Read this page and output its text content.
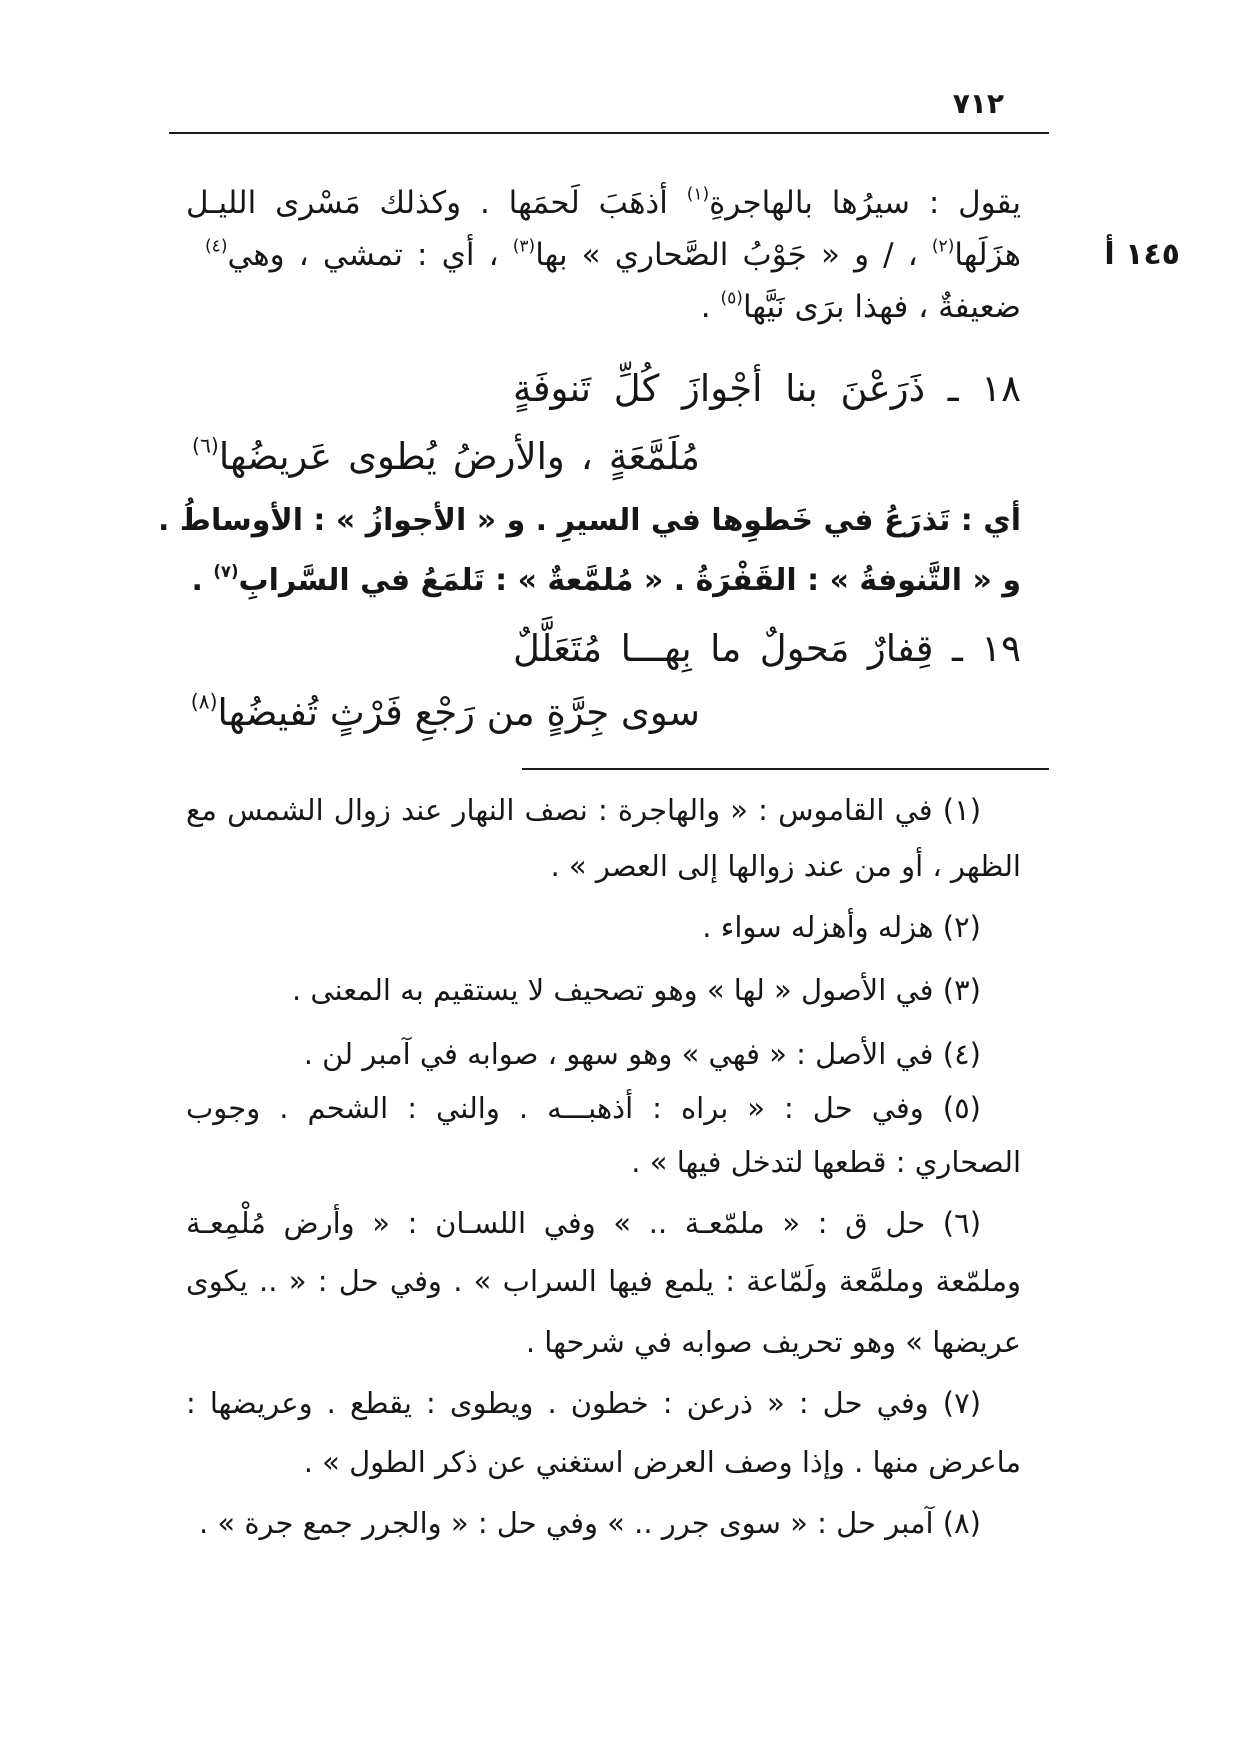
٧١٢
١٤٥ أ
يقول : سيرُها بالهاجرةِ$^{(١)}$ أذهَبَ لَحمَها . وكذلك مَسْرى الليـل
هزَلَها$^{(٢)}$ ، / و « جَوْبُ الصَّحاري » بها$^{(٣)}$ ، أي : تمشي ، وهي$^{(٤)}$
ضعيفةٌ ، فهذا برَى نَيَّها$^{(٥)}$ .
١٨ ـ ذَرَعْنَ بنا أجْوازَ كُلِّ تَنوفَةٍ
مُلَمَّعَةٍ ، والأرضُ يُطوى عَريضُها$^{(٦)}$
أي : تَذرَعُ في خَطوِها في السيرِ . و « الأجوازُ » : الأوساطُ .
و « التَّنوفةُ » : القَفْرَةُ . « مُلمَّعةٌ » : تَلمَعُ في السَّرابِ$^{(٧)}$ .
١٩ ـ قِفارٌ مَحولٌ ما بِهـــا مُتَعَلَّلٌ
سوى جِرَّةٍ من رَجْعِ فَرْثٍ تُفيضُها$^{(٨)}$
(١) في القاموس : « والهاجرة : نصف النهار عند زوال الشمس مع
الظهر ، أو من عند زوالها إلى العصر » .
(٢) هزله وأهزله سواء .
(٣) في الأصول « لها » وهو تصحيف لا يستقيم به المعنى .
(٤) في الأصل : « فهي » وهو سهو ، صوابه في آمبر لن .
(٥) وفي حل : « براه : أذهبـــه . والني : الشحم . وجوب
الصحاري : قطعها لتدخل فيها » .
(٦) حل ق : « ملمّعـة .. » وفي اللسـان : « وأرض مُلْمِعـة
وملمّعة وملمَّعة ولَمّاعة : يلمع فيها السراب » . وفي حل : « .. يكوى
عريضها » وهو تحريف صوابه في شرحها .
(٧) وفي حل : « ذرعن : خطون . ويطوى : يقطع . وعريضها :
ماعرض منها . وإذا وصف العرض استغني عن ذكر الطول » .
(٨) آمبر حل : « سوى جرر .. » وفي حل : « والجرر جمع جرة » .
